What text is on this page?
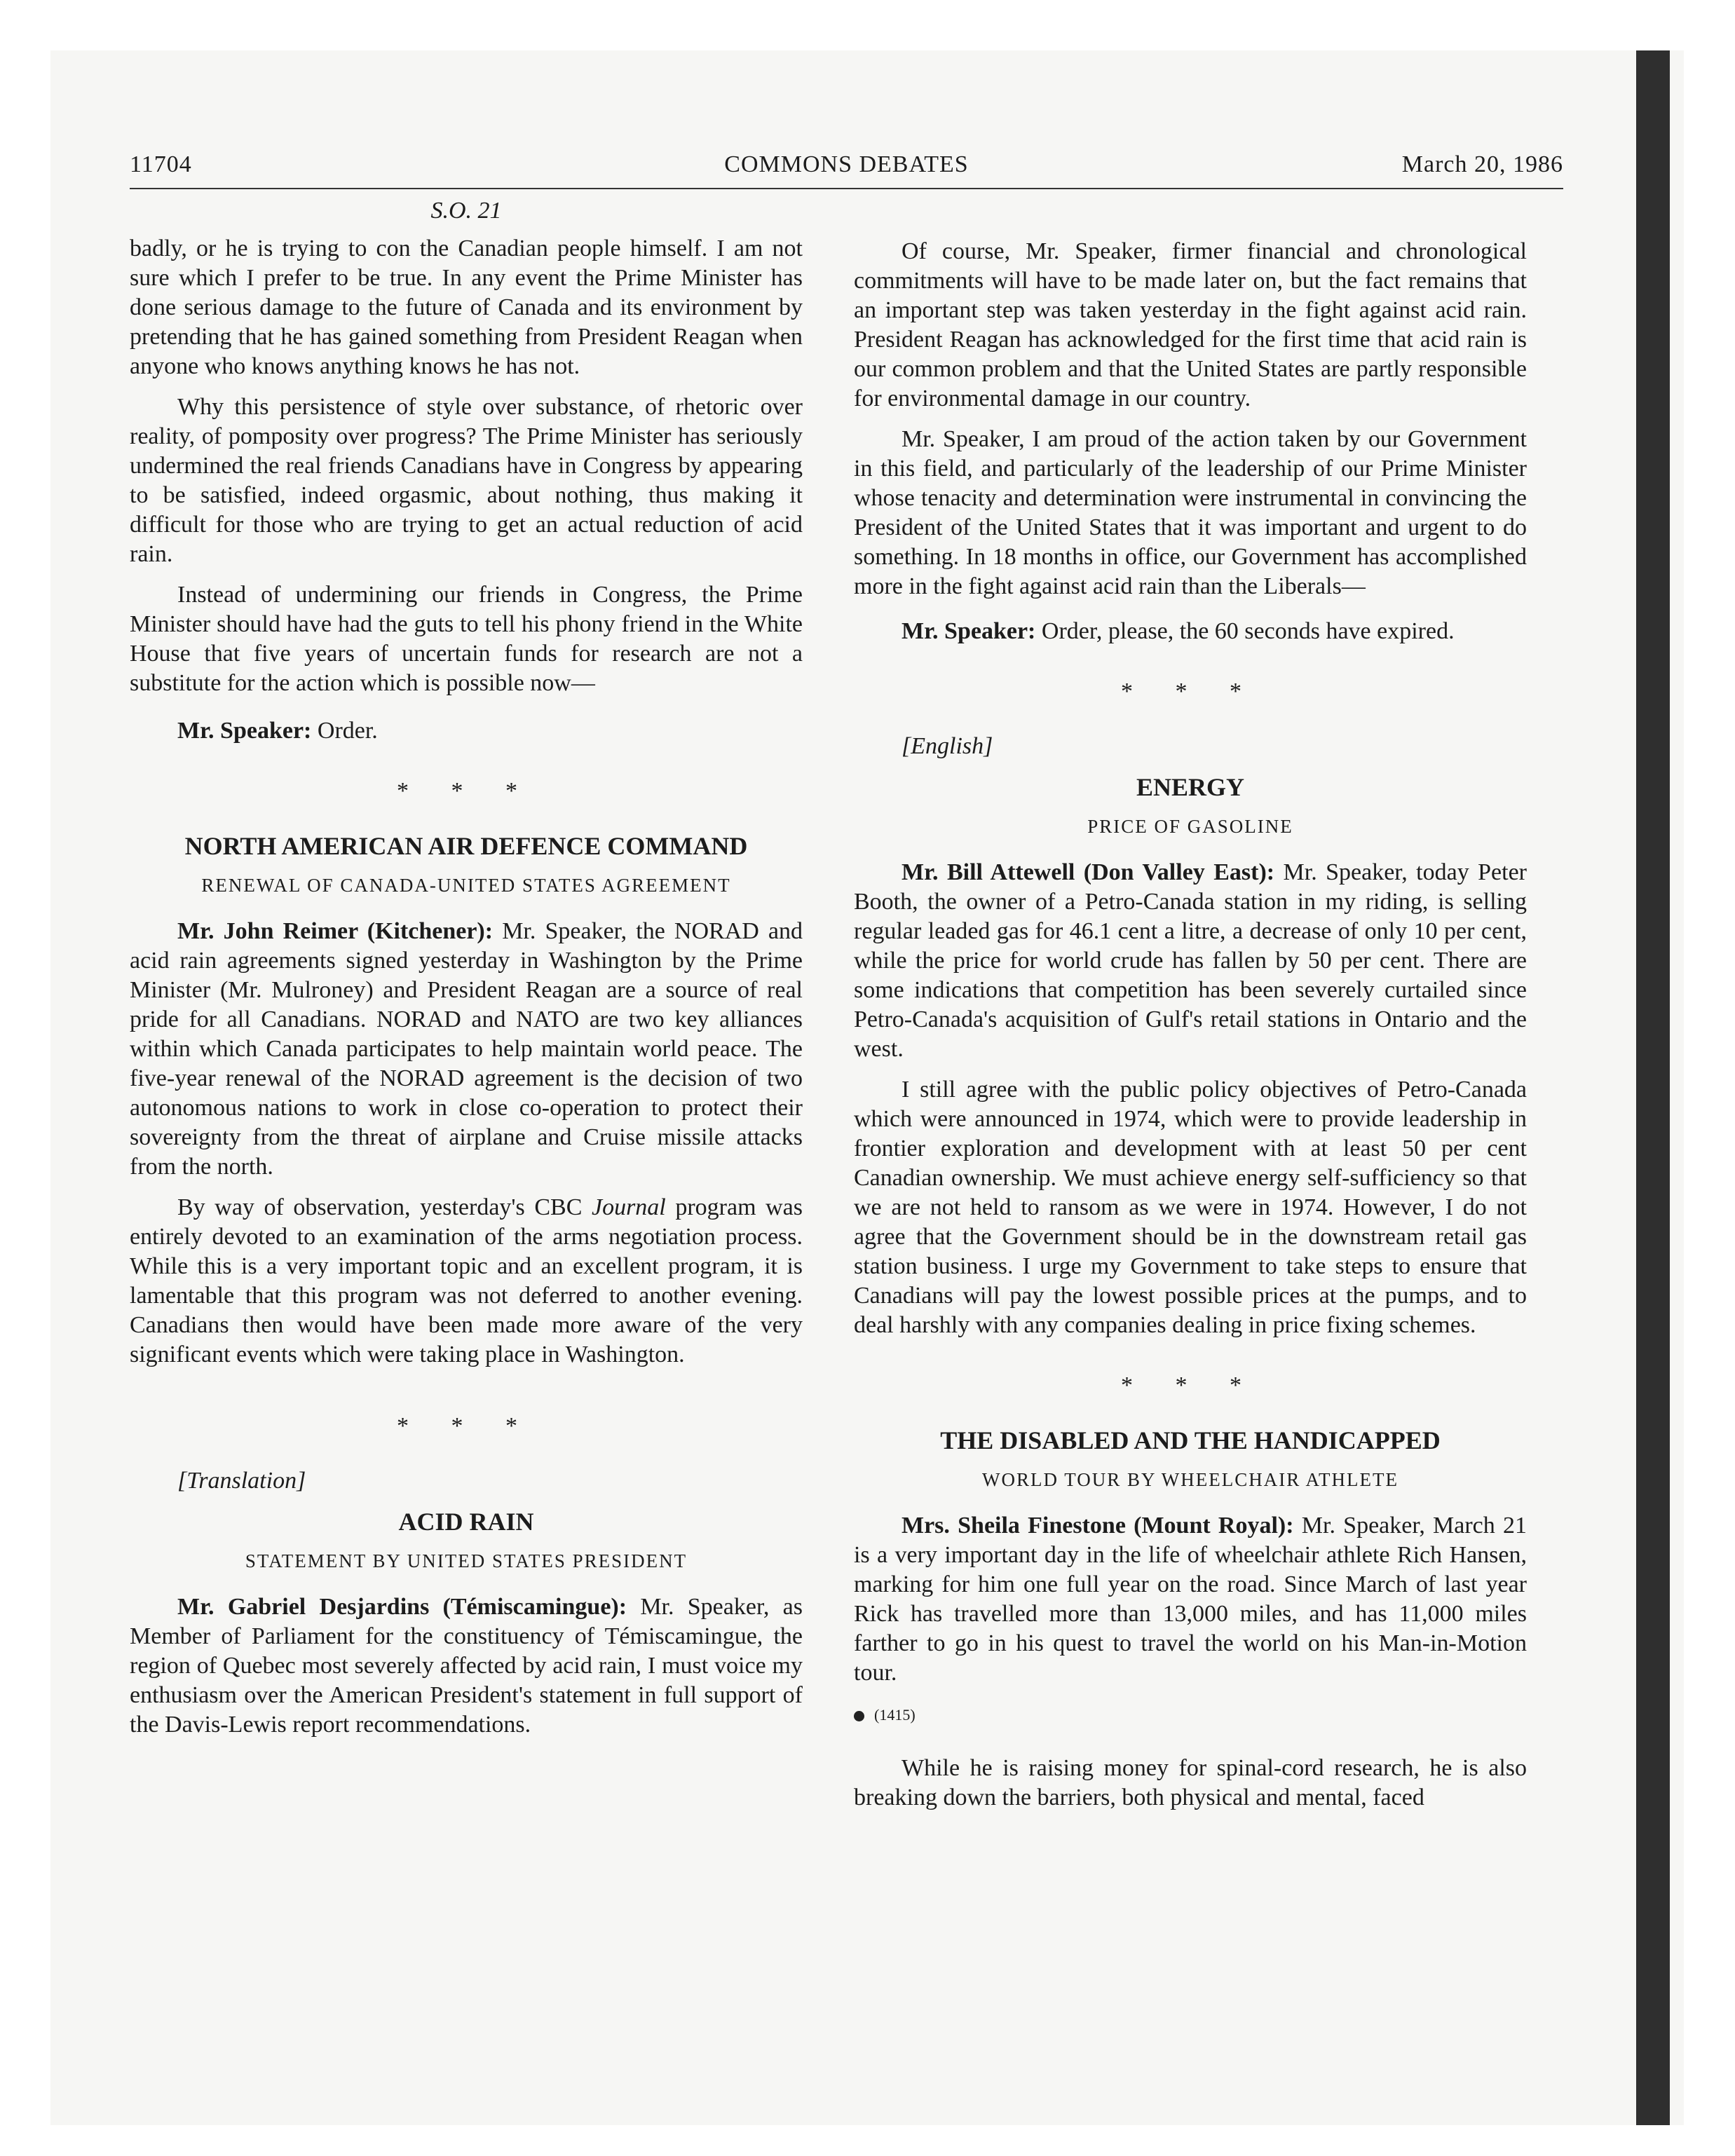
11704	COMMONS DEBATES	March 20, 1986
S.O. 21

badly, or he is trying to con the Canadian people himself. I am not sure which I prefer to be true. In any event the Prime Minister has done serious damage to the future of Canada and its environment by pretending that he has gained something from President Reagan when anyone who knows anything knows he has not.

Why this persistence of style over substance, of rhetoric over reality, of pomposity over progress? The Prime Minister has seriously undermined the real friends Canadians have in Congress by appearing to be satisfied, indeed orgasmic, about nothing, thus making it difficult for those who are trying to get an actual reduction of acid rain.

Instead of undermining our friends in Congress, the Prime Minister should have had the guts to tell his phony friend in the White House that five years of uncertain funds for research are not a substitute for the action which is possible now—

Mr. Speaker: Order.

* * *
NORTH AMERICAN AIR DEFENCE COMMAND
RENEWAL OF CANADA-UNITED STATES AGREEMENT

Mr. John Reimer (Kitchener): Mr. Speaker, the NORAD and acid rain agreements signed yesterday in Washington by the Prime Minister (Mr. Mulroney) and President Reagan are a source of real pride for all Canadians. NORAD and NATO are two key alliances within which Canada participates to help maintain world peace. The five-year renewal of the NORAD agreement is the decision of two autonomous nations to work in close co-operation to protect their sovereignty from the threat of airplane and Cruise missile attacks from the north.

By way of observation, yesterday's CBC Journal program was entirely devoted to an examination of the arms negotiation process. While this is a very important topic and an excellent program, it is lamentable that this program was not deferred to another evening. Canadians then would have been made more aware of the very significant events which were taking place in Washington.

* * *

[Translation]

ACID RAIN
STATEMENT BY UNITED STATES PRESIDENT

Mr. Gabriel Desjardins (Témiscamingue): Mr. Speaker, as Member of Parliament for the constituency of Témiscamingue, the region of Quebec most severely affected by acid rain, I must voice my enthusiasm over the American President's statement in full support of the Davis-Lewis report recommendations.

Of course, Mr. Speaker, firmer financial and chronological commitments will have to be made later on, but the fact remains that an important step was taken yesterday in the fight against acid rain. President Reagan has acknowledged for the first time that acid rain is our common problem and that the United States are partly responsible for environmental damage in our country.

Mr. Speaker, I am proud of the action taken by our Government in this field, and particularly of the leadership of our Prime Minister whose tenacity and determination were instrumental in convincing the President of the United States that it was important and urgent to do something. In 18 months in office, our Government has accomplished more in the fight against acid rain than the Liberals—

Mr. Speaker: Order, please, the 60 seconds have expired.

* * *

[English]

ENERGY
PRICE OF GASOLINE

Mr. Bill Attewell (Don Valley East): Mr. Speaker, today Peter Booth, the owner of a Petro-Canada station in my riding, is selling regular leaded gas for 46.1 cent a litre, a decrease of only 10 per cent, while the price for world crude has fallen by 50 per cent. There are some indications that competition has been severely curtailed since Petro-Canada's acquisition of Gulf's retail stations in Ontario and the west.

I still agree with the public policy objectives of Petro-Canada which were announced in 1974, which were to provide leadership in frontier exploration and development with at least 50 per cent Canadian ownership. We must achieve energy self-sufficiency so that we are not held to ransom as we were in 1974. However, I do not agree that the Government should be in the downstream retail gas station business. I urge my Government to take steps to ensure that Canadians will pay the lowest possible prices at the pumps, and to deal harshly with any companies dealing in price fixing schemes.

* * *
THE DISABLED AND THE HANDICAPPED
WORLD TOUR BY WHEELCHAIR ATHLETE

Mrs. Sheila Finestone (Mount Royal): Mr. Speaker, March 21 is a very important day in the life of wheelchair athlete Rich Hansen, marking for him one full year on the road. Since March of last year Rick has travelled more than 13,000 miles, and has 11,000 miles farther to go in his quest to travel the world on his Man-in-Motion tour.

(1415)

While he is raising money for spinal-cord research, he is also breaking down the barriers, both physical and mental, faced
